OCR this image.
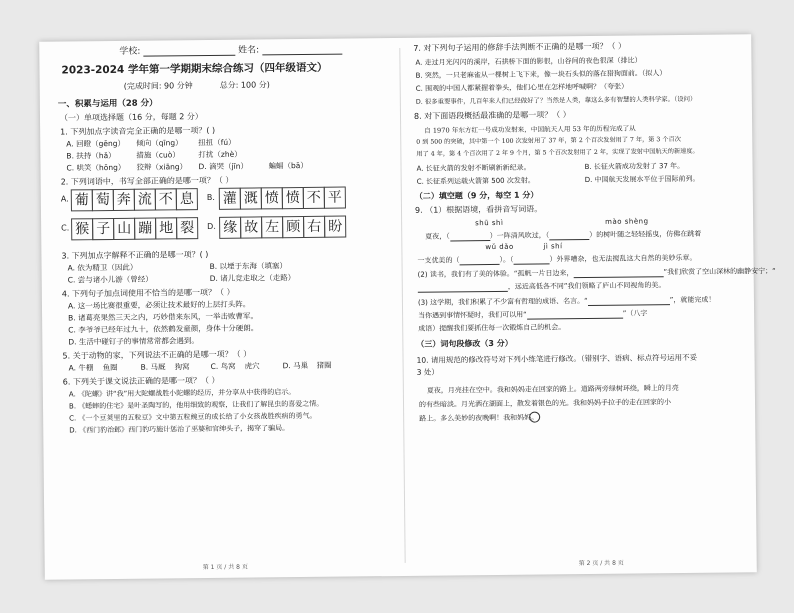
学校:	姓名:
2023-2024 学年第一学期期末综合练习（四年级语文）
(完成时间: 90 分钟	总分: 100 分)
一、积累与运用（28 分）
（一）单项选择题（16 分，每题 2 分）
1. 下列加点字读音完全正确的是哪一项？( )
A. 回瞪（gēng） 倾向（qīng） 扭扭（fú）
B. 扶持（hǎ）	措施（cuò） 打扰（zhè）
C. 哄笑（hōng） 狡辩（xiāng） D. 滴哭（jīn）	蝙蝠（bā）
2. 下列词语中，书写全部正确的是哪一项？（ ）
A. 葡 萄 奔 流 不 息	B. 灌 溉 愤 愤 不 平
C. 猴 子 山 蹦 地 裂	D. 缘 故 左 顾 右 盼
3. 下列加点字解释不正确的是哪一项？( )
A. 依为精卫（因此）	B. 以堙于东海（填塞）
C. 尝与诸小儿游（曾经）	D. 诸儿竞走取之（走路）
4. 下列句子加点词使用不恰当的是哪一项？（ ）
A. 这一场比赛很重要，必须让技术最好的上层打头阵。
B. 诸葛亮果然三天之内，巧妙借来东风，一举击败曹军。
C. 李爷爷已经年过九十，依然鹤发童颜，身体十分硬朗。
D. 生活中碰钉子的事情常常都会遇到。
5. 关于动物的家，下列说法不正确的是哪一项？（ ）
A. 牛棚 鱼圈	B. 马厩 狗窝	C. 鸟窝 虎穴	D. 马巢 猪圈
6. 下列关于课文说法正确的是哪一项？（ ）
A. 《陀螺》讲“我”用大陀螺战胜小陀螺的经历，并分享从中获得的启示。
B. 《蟋蟀的住宅》是叶圣陶写的，他用细致的观察，让我们了解昆虫的喜爱之情。
C. 《一个豆荚里的五粒豆》文中第五粒豌豆的成长给了小女孩战胜疾病的勇气。
D. 《西门豹治邺》西门豹巧施计惩治了巫婆和官绅头子，揭穿了骗局。
第 1 页 / 共 8 页
7. 对下列句子运用的修辞手法判断不正确的是哪一项？（ ）
A. 走过月光闪闪的溪岸，石拱桥下面的影很，山谷间的夜色很深（排比）
B. 突然，一只老麻雀从一棵树上飞下来，像一块石头似的落在猎狗面前。（拟人）
C. 围观的中国人都紧握着拳头，他们心里在怎样地呼喊啊？（夸张）
D. 很多重要事件，几百年来人们已经做好了？当然是人类，靠这么多有智慧的人类科学家。（设问）
8. 对下面语段概括最准确的是哪一项？（ ）
自 1970 年东方红一号成功发射来，中国航天人用 53 年的历程完成了从
0 到 500 的突破，其中第一个 100 次发射用了 37 年，第 2 个百次发射用了 7 年，第 3 个百次
用了 4 年，第 4 个百次用了 2 年 9 个月，第 5 个百次发射用了 2 年，实现了发射中国航天的新速度。
A. 长征火箭的发射不断刷新新纪录。	B. 长征火箭成功发射了 37 年。
C. 长征系列运载火箭第 500 次发射。	D. 中国航天发展水平位于国际前列。
（二）填空题（9 分，每空 1 分）
9. （1）根据语境，看拼音写词语。
shū shì	mào shèng
夏夜，（	）一阵清风吹过，（	）的树叶随之轻轻摇曳，仿佛在跳着
wǔ dǎo	jì shí
一支优美的（	）。（	）外界嘈杂，也无法搅乱这大自然的美妙乐章。
(2) 读书，我们有了美的体验。“孤帆一片日边来，	”我们欣赏了空山深林的幽静安宁；“
，远近高低各不同”我们领略了庐山不同视角的美。
(3) 这学期，我们积累了不少富有哲理的成语、名言。“	”，就能完成！
当你遇到事情怀疑时，我们可以用“	”（八字
成语）提醒我们要抓住每一次锻炼自己的机会。
（三）词句段修改（3 分）
10. 请用规范的修改符号对下列小练笔进行修改。（错别字、语病、标点符号运用不妥
3 处）
夏夜，月亮挂在空中。我和妈妈走在回家的路上。道路两旁绿树环绕，瞬上的月亮
的有些暗淡。月光洒在湖面上，散发着银色的光。我和妈妈手拉手的走在回家的小
路上。多么美妙的夜晚啊！我和妈妈。
第 2 页 / 共 8 页
